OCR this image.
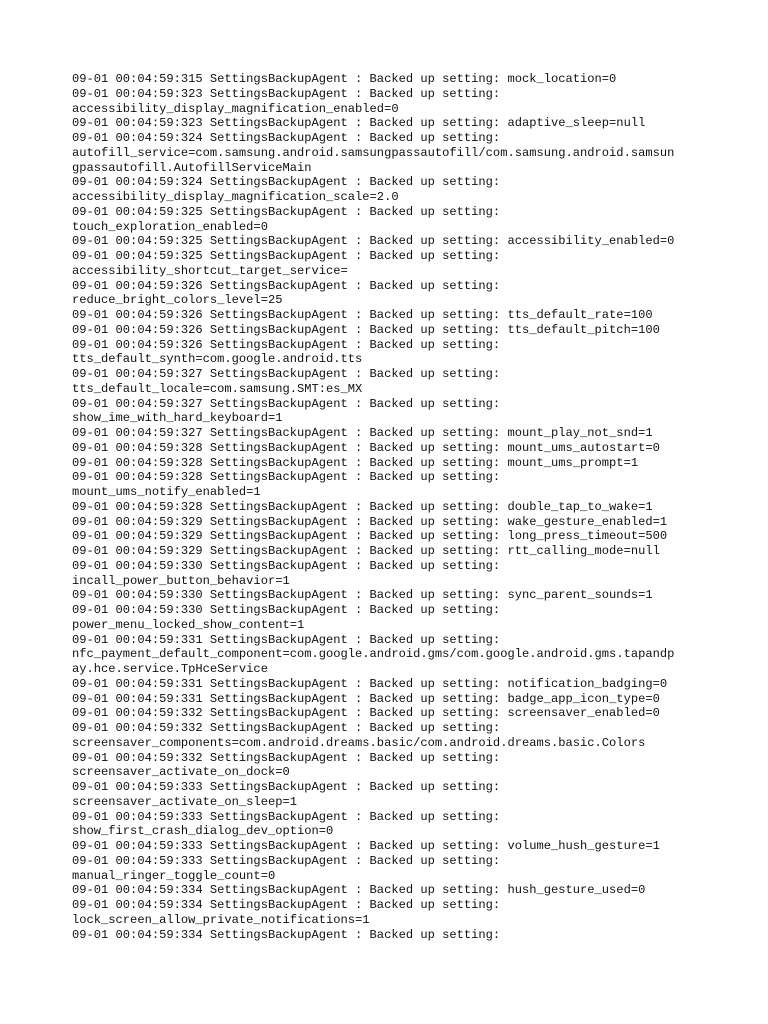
09-01 00:04:59:315 SettingsBackupAgent : Backed up setting: mock_location=0
09-01 00:04:59:323 SettingsBackupAgent : Backed up setting:
accessibility_display_magnification_enabled=0
09-01 00:04:59:323 SettingsBackupAgent : Backed up setting: adaptive_sleep=null
09-01 00:04:59:324 SettingsBackupAgent : Backed up setting:
autofill_service=com.samsung.android.samsungpassautofill/com.samsung.android.samsun
gpassautofill.AutofillServiceMain
09-01 00:04:59:324 SettingsBackupAgent : Backed up setting:
accessibility_display_magnification_scale=2.0
09-01 00:04:59:325 SettingsBackupAgent : Backed up setting:
touch_exploration_enabled=0
09-01 00:04:59:325 SettingsBackupAgent : Backed up setting: accessibility_enabled=0
09-01 00:04:59:325 SettingsBackupAgent : Backed up setting:
accessibility_shortcut_target_service=
09-01 00:04:59:326 SettingsBackupAgent : Backed up setting:
reduce_bright_colors_level=25
09-01 00:04:59:326 SettingsBackupAgent : Backed up setting: tts_default_rate=100
09-01 00:04:59:326 SettingsBackupAgent : Backed up setting: tts_default_pitch=100
09-01 00:04:59:326 SettingsBackupAgent : Backed up setting:
tts_default_synth=com.google.android.tts
09-01 00:04:59:327 SettingsBackupAgent : Backed up setting:
tts_default_locale=com.samsung.SMT:es_MX
09-01 00:04:59:327 SettingsBackupAgent : Backed up setting:
show_ime_with_hard_keyboard=1
09-01 00:04:59:327 SettingsBackupAgent : Backed up setting: mount_play_not_snd=1
09-01 00:04:59:328 SettingsBackupAgent : Backed up setting: mount_ums_autostart=0
09-01 00:04:59:328 SettingsBackupAgent : Backed up setting: mount_ums_prompt=1
09-01 00:04:59:328 SettingsBackupAgent : Backed up setting:
mount_ums_notify_enabled=1
09-01 00:04:59:328 SettingsBackupAgent : Backed up setting: double_tap_to_wake=1
09-01 00:04:59:329 SettingsBackupAgent : Backed up setting: wake_gesture_enabled=1
09-01 00:04:59:329 SettingsBackupAgent : Backed up setting: long_press_timeout=500
09-01 00:04:59:329 SettingsBackupAgent : Backed up setting: rtt_calling_mode=null
09-01 00:04:59:330 SettingsBackupAgent : Backed up setting:
incall_power_button_behavior=1
09-01 00:04:59:330 SettingsBackupAgent : Backed up setting: sync_parent_sounds=1
09-01 00:04:59:330 SettingsBackupAgent : Backed up setting:
power_menu_locked_show_content=1
09-01 00:04:59:331 SettingsBackupAgent : Backed up setting:
nfc_payment_default_component=com.google.android.gms/com.google.android.gms.tapandp
ay.hce.service.TpHceService
09-01 00:04:59:331 SettingsBackupAgent : Backed up setting: notification_badging=0
09-01 00:04:59:331 SettingsBackupAgent : Backed up setting: badge_app_icon_type=0
09-01 00:04:59:332 SettingsBackupAgent : Backed up setting: screensaver_enabled=0
09-01 00:04:59:332 SettingsBackupAgent : Backed up setting:
screensaver_components=com.android.dreams.basic/com.android.dreams.basic.Colors
09-01 00:04:59:332 SettingsBackupAgent : Backed up setting:
screensaver_activate_on_dock=0
09-01 00:04:59:333 SettingsBackupAgent : Backed up setting:
screensaver_activate_on_sleep=1
09-01 00:04:59:333 SettingsBackupAgent : Backed up setting:
show_first_crash_dialog_dev_option=0
09-01 00:04:59:333 SettingsBackupAgent : Backed up setting: volume_hush_gesture=1
09-01 00:04:59:333 SettingsBackupAgent : Backed up setting:
manual_ringer_toggle_count=0
09-01 00:04:59:334 SettingsBackupAgent : Backed up setting: hush_gesture_used=0
09-01 00:04:59:334 SettingsBackupAgent : Backed up setting:
lock_screen_allow_private_notifications=1
09-01 00:04:59:334 SettingsBackupAgent : Backed up setting:
